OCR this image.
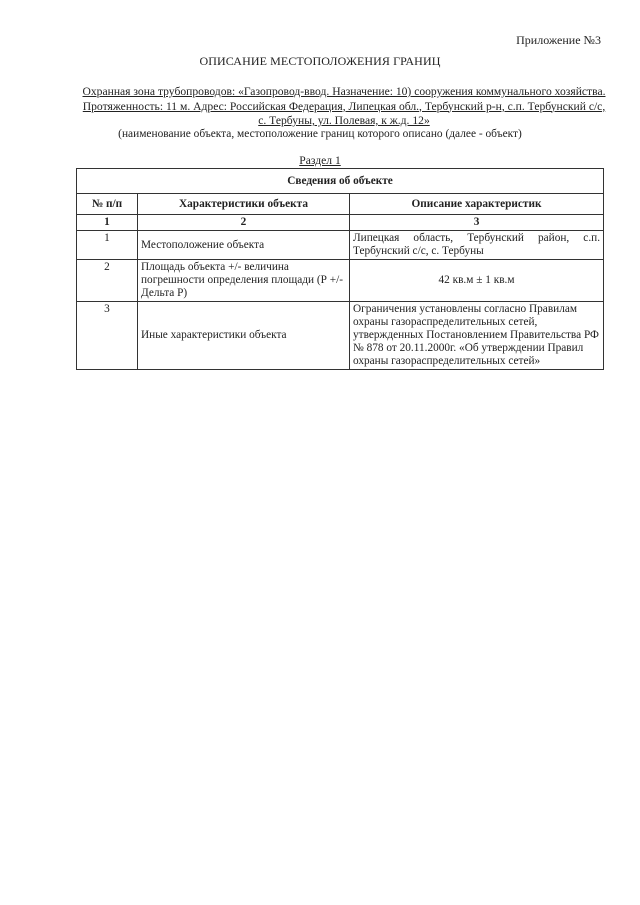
Приложение №3
ОПИСАНИЕ МЕСТОПОЛОЖЕНИЯ ГРАНИЦ
Охранная зона трубопроводов: «Газопровод-ввод. Назначение: 10) сооружения коммунального хозяйства. Протяженность: 11 м. Адрес: Российская Федерация, Липецкая обл., Тербунский р-н, с.п. Тербунский с/с, с. Тербуны, ул. Полевая, к ж.д. 12»
(наименование объекта, местоположение границ которого описано (далее - объект)
Раздел 1
Сведения об объекте		
№ п/п	Характеристики объекта	Описание характеристик
1	2	3
1	Местоположение объекта	Липецкая область, Тербунский район, с.п. Тербунский с/с, с. Тербуны
2	Площадь объекта +/- величина погрешности определения площади (Р +/- Дельта Р)	42 кв.м ± 1 кв.м
3	Иные характеристики объекта	Ограничения установлены согласно Правилам охраны газораспределительных сетей, утвержденных Постановлением Правительства РФ № 878 от 20.11.2000г. «Об утверждении Правил охраны газораспределительных сетей»
